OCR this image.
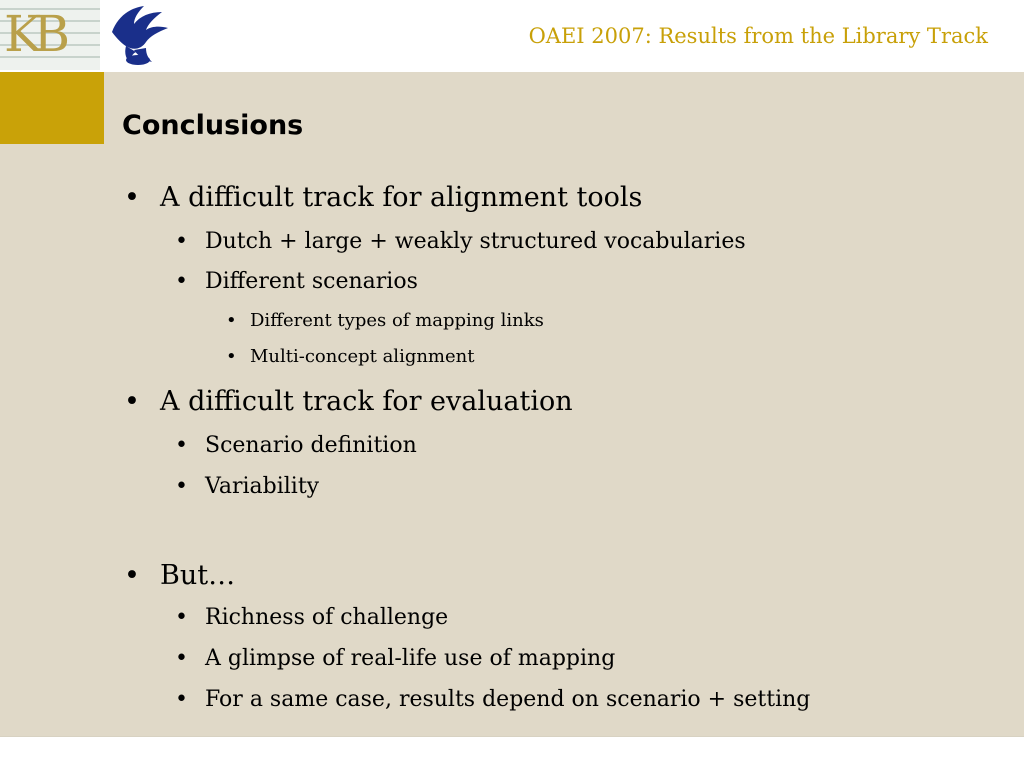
KB	OAEI 2007: Results from the Library Track
Conclusions
• A difficult track for alignment tools
• Dutch + large + weakly structured vocabularies
• Different scenarios
• Different types of mapping links
• Multi-concept alignment
• A difficult track for evaluation
• Scenario definition
• Variability
• But…
• Richness of challenge
• A glimpse of real-life use of mapping
• For a same case, results depend on scenario + setting
